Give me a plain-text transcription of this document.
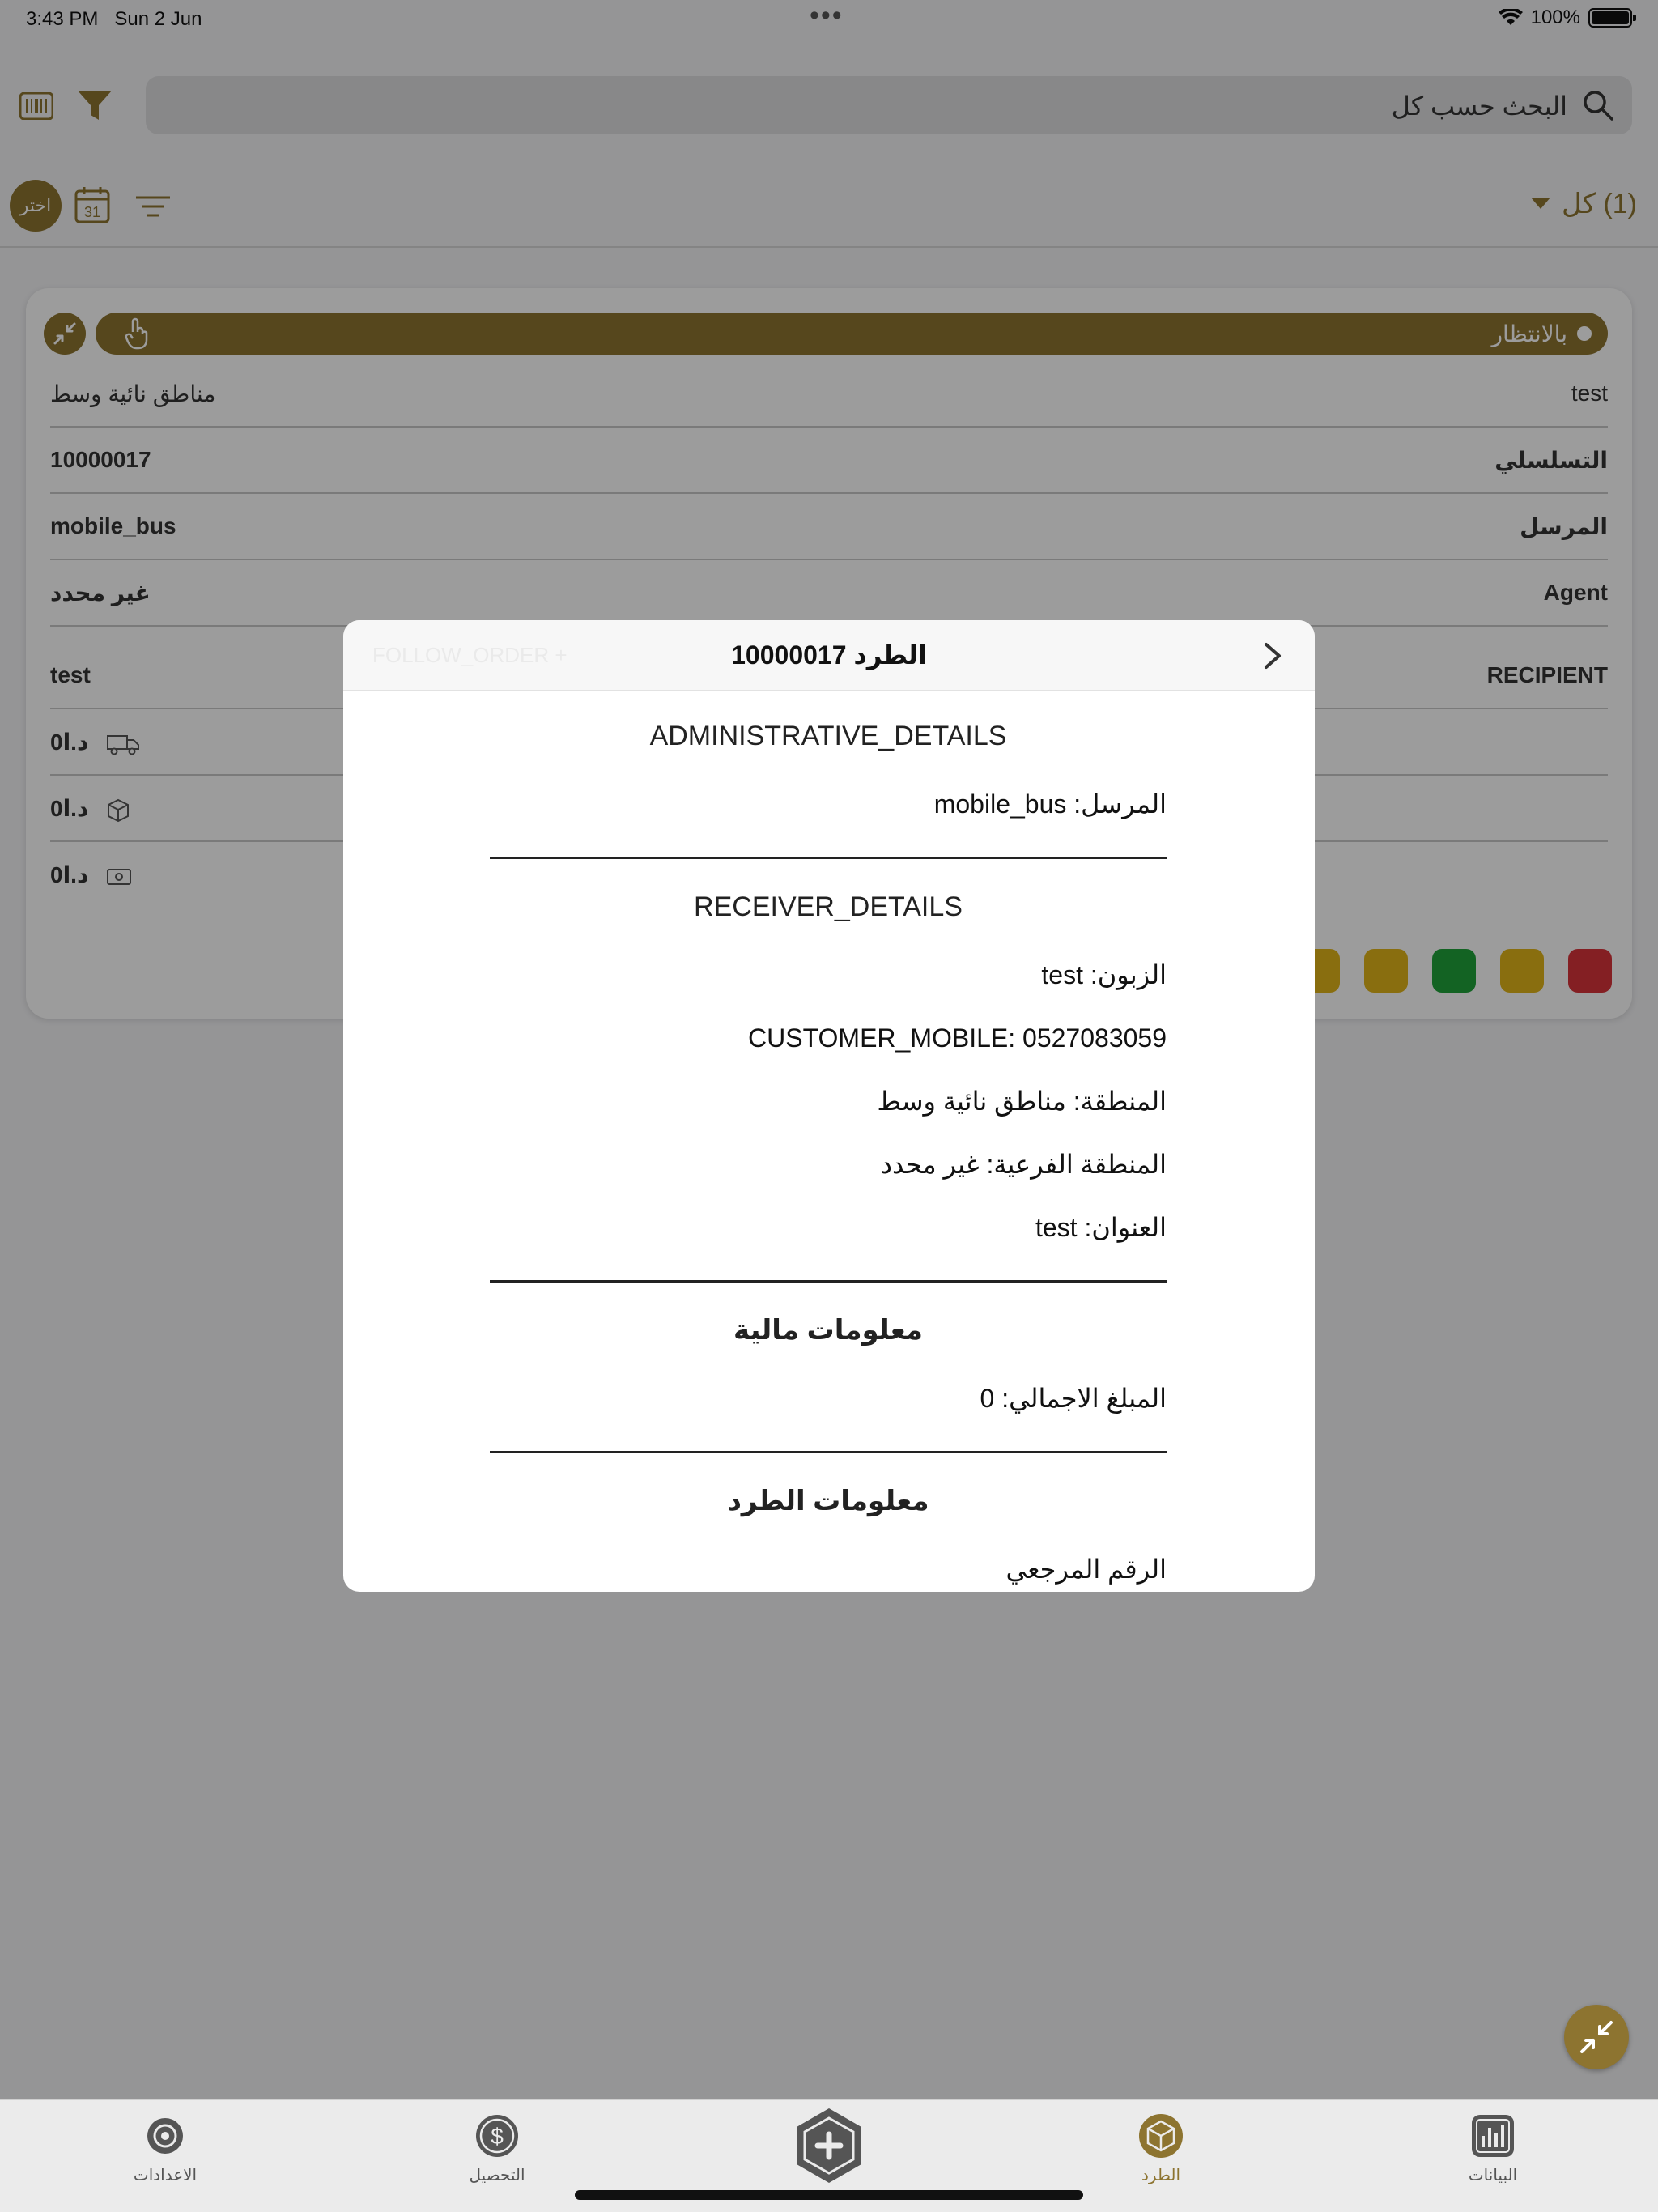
3:43 PM Sun 2 Jun	•••	100%
البحث حسب كل
اختر	31	(1) كل
بالانتظار
مناطق نائية وسط	test
10000017	التسلسلي
mobile_bus	المرسل
غير محدد	Agent
test	RECIPIENT
0د.ا
0د.ا
0د.ا
الاعدادات
$
التحصيل	الطرد	البيانات
FOLLOW_ORDER +	الطرد 10000017
ADMINISTRATIVE_DETAILS
المرسل: mobile_bus
RECEIVER_DETAILS
الزبون: test
CUSTOMER_MOBILE: 0527083059
المنطقة: مناطق نائية وسط
المنطقة الفرعية: غير محدد
العنوان: test
معلومات مالية
المبلغ الاجمالي: 0
معلومات الطرد
الرقم المرجعي
